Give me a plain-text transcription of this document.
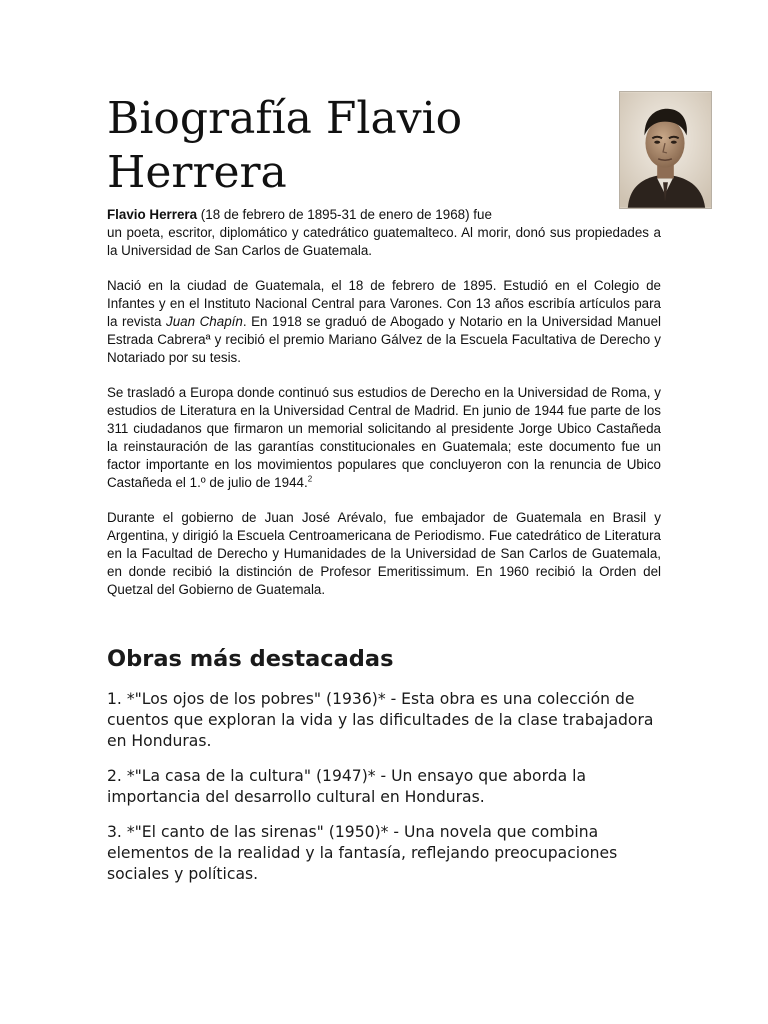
Biografía Flavio Herrera

Flavio Herrera (18 de febrero de 1895-31 de enero de 1968) fue
un poeta, escritor, diplomático y catedrático guatemalteco. Al morir, donó sus propiedades a la Universidad de San Carlos de Guatemala.

Nació en la ciudad de Guatemala, el 18 de febrero de 1895. Estudió en el Colegio de Infantes y en el Instituto Nacional Central para Varones. Con 13 años escribía artículos para la revista Juan Chapín. En 1918 se graduó de Abogado y Notario en la Universidad Manuel Estrada Cabreraª y recibió el premio Mariano Gálvez de la Escuela Facultativa de Derecho y Notariado por su tesis.

Se trasladó a Europa donde continuó sus estudios de Derecho en la Universidad de Roma, y estudios de Literatura en la Universidad Central de Madrid. En junio de 1944 fue parte de los 311 ciudadanos que firmaron un memorial solicitando al presidente Jorge Ubico Castañeda la reinstauración de las garantías constitucionales en Guatemala; este documento fue un factor importante en los movimientos populares que concluyeron con la renuncia de Ubico Castañeda el 1.º de julio de 1944.$^2$

Durante el gobierno de Juan José Arévalo, fue embajador de Guatemala en Brasil y Argentina, y dirigió la Escuela Centroamericana de Periodismo. Fue catedrático de Literatura en la Facultad de Derecho y Humanidades de la Universidad de San Carlos de Guatemala, en donde recibió la distinción de Profesor Emeritissimum. En 1960 recibió la Orden del Quetzal del Gobierno de Guatemala.

Obras más destacadas

1. *"Los ojos de los pobres" (1936)* - Esta obra es una colección de cuentos que exploran la vida y las dificultades de la clase trabajadora en Honduras.

2. *"La casa de la cultura" (1947)* - Un ensayo que aborda la importancia del desarrollo cultural en Honduras.

3. *"El canto de las sirenas" (1950)* - Una novela que combina elementos de la realidad y la fantasía, reflejando preocupaciones sociales y políticas.
